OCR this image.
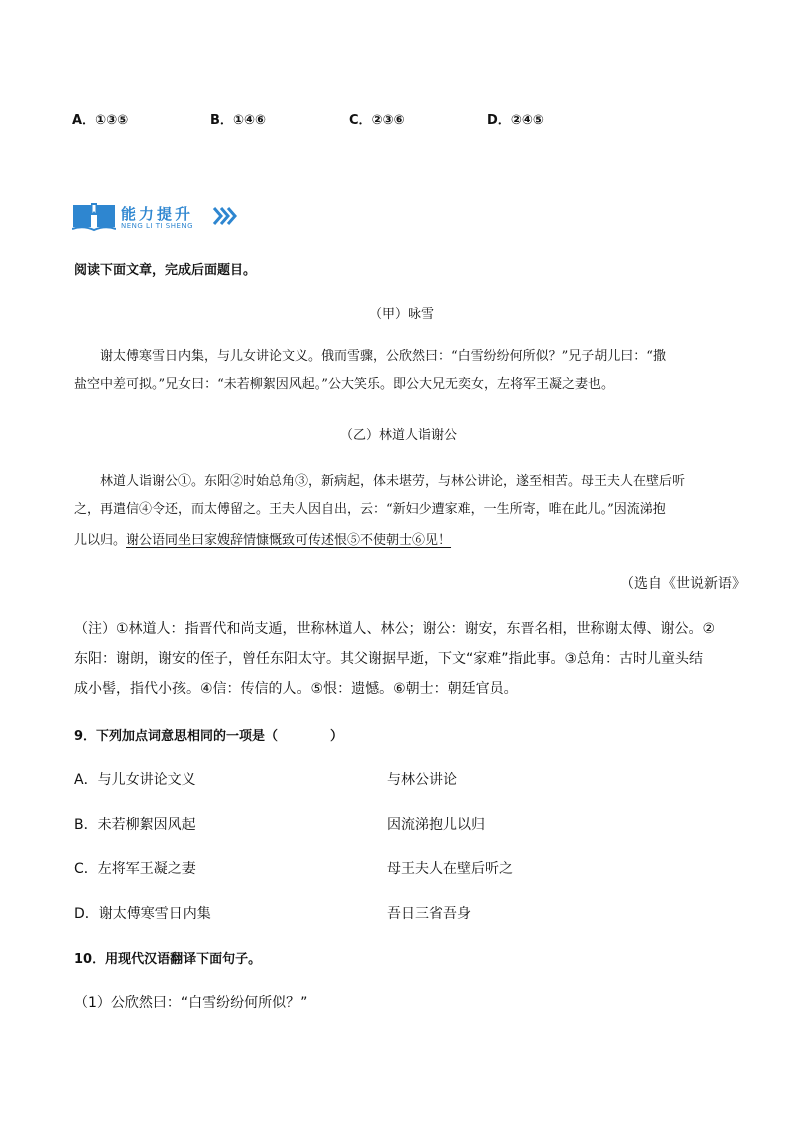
A．①③⑤	B．①④⑥	C．②③⑥	D．②④⑤
能力提升
NENG LI TI SHENG
阅读下面文章，完成后面题目。
（甲）咏雪
谢太傅寒雪日内集，与儿女讲论文义。俄而雪骤，公欣然曰：“白雪纷纷何所似？”兄子胡儿曰：“撒
盐空中差可拟。”兄女曰：“未若柳絮因风起。”公大笑乐。即公大兄无奕女，左将军王凝之妻也。
（乙）林道人诣谢公
林道人诣谢公①。东阳②时始总角③，新病起，体未堪劳，与林公讲论，遂至相苦。母王夫人在壁后听
之，再遣信④令还，而太傅留之。王夫人因自出，云：“新妇少遭家难，一生所寄，唯在此儿。”因流涕抱
儿以归。谢公语同坐曰家嫂辞情慷慨致可传述恨⑤不使朝士⑥见！
（选自《世说新语》
（注）①林道人：指晋代和尚支遁，世称林道人、林公；谢公：谢安，东晋名相，世称谢太傅、谢公。②
东阳：谢朗，谢安的侄子，曾任东阳太守。其父谢据早逝，下文“家难”指此事。③总角：古时儿童头结
成小髻，指代小孩。④信：传信的人。⑤恨：遗憾。⑥朝士：朝廷官员。
9．下列加点词意思相同的一项是（　　　　）
A．与儿女讲论文义	与林公讲论
B．未若柳絮因风起	因流涕抱儿以归
C．左将军王凝之妻	母王夫人在壁后听之
D．谢太傅寒雪日内集	吾日三省吾身
10．用现代汉语翻译下面句子。
（1）公欣然曰：“白雪纷纷何所似？”
